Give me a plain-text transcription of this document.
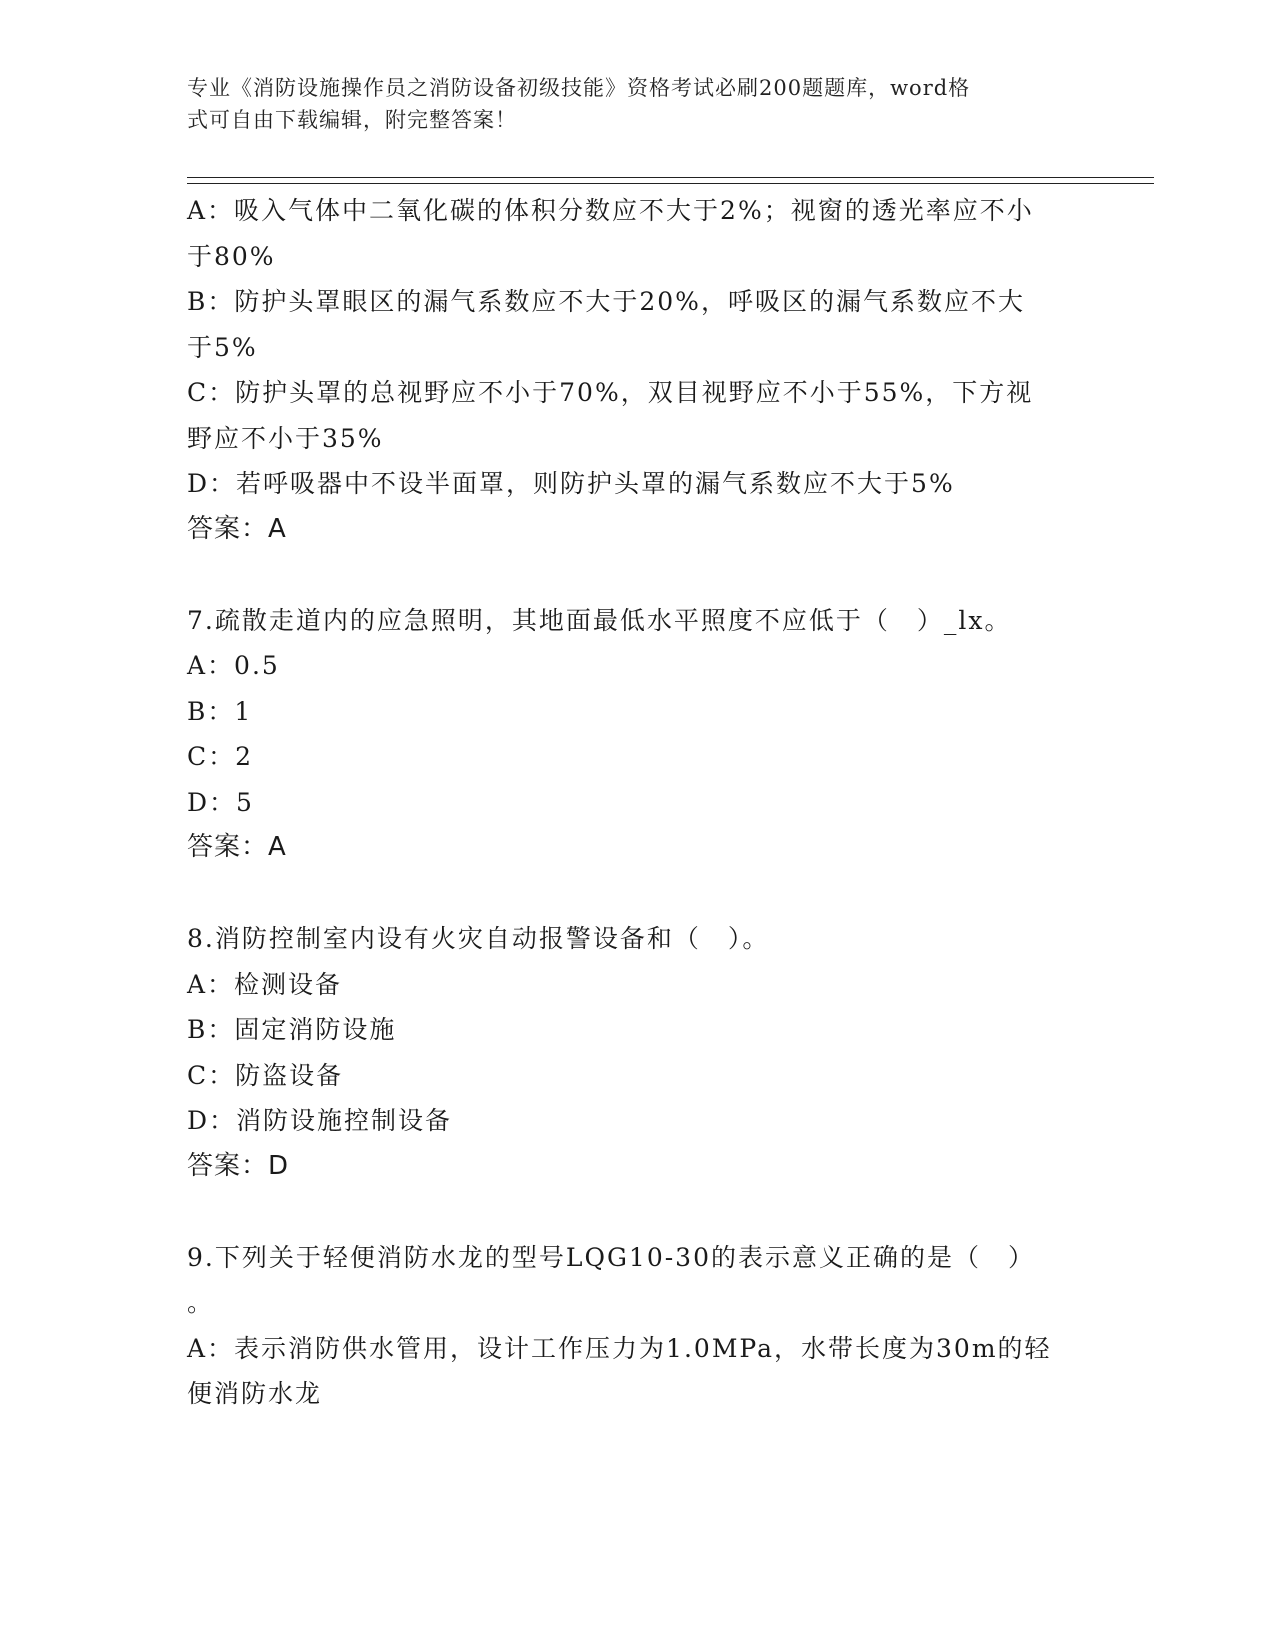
专业《消防设施操作员之消防设备初级技能》资格考试必刷200题题库，word格
式可自由下载编辑，附完整答案！
A：吸入气体中二氧化碳的体积分数应不大于2%；视窗的透光率应不小
于80%
B：防护头罩眼区的漏气系数应不大于20%，呼吸区的漏气系数应不大
于5%
C：防护头罩的总视野应不小于70%，双目视野应不小于55%，下方视
野应不小于35%
D：若呼吸器中不设半面罩，则防护头罩的漏气系数应不大于5%
答案：A
7.疏散走道内的应急照明，其地面最低水平照度不应低于（　）_lx。
A：0.5
B：1
C：2
D：5
答案：A
8.消防控制室内设有火灾自动报警设备和（　）。
A：检测设备
B：固定消防设施
C：防盗设备
D：消防设施控制设备
答案：D
9.下列关于轻便消防水龙的型号LQG10-30的表示意义正确的是（　）
。
A：表示消防供水管用，设计工作压力为1.0MPa，水带长度为30m的轻
便消防水龙
